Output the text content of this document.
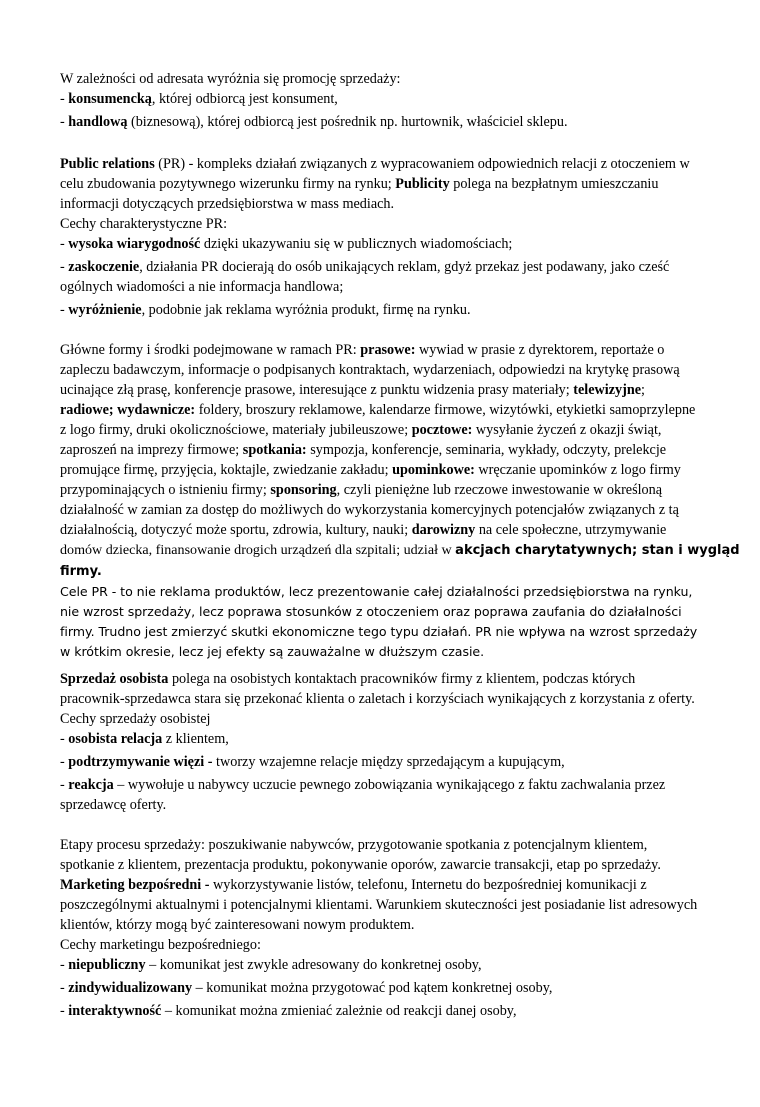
W zależności od adresata wyróżnia się promocję sprzedaży:

- konsumencką, której odbiorcą jest konsument,

- handlową (biznesową), której odbiorcą jest pośrednik np. hurtownik, właściciel sklepu.

Public relations (PR) - kompleks działań związanych z wypracowaniem odpowiednich relacji z otoczeniem w

celu zbudowania pozytywnego wizerunku firmy na rynku; Publicity polega na bezpłatnym umieszczaniu

informacji dotyczących przedsiębiorstwa w mass mediach.

Cechy charakterystyczne PR:

- wysoka wiarygodność dzięki ukazywaniu się w publicznych wiadomościach;

- zaskoczenie, działania PR docierają do osób unikających reklam, gdyż przekaz jest podawany, jako cześć

ogólnych wiadomości a nie informacja handlowa;

- wyróżnienie, podobnie jak reklama wyróżnia produkt, firmę na rynku.

Główne formy i środki podejmowane w ramach PR: prasowe: wywiad w prasie z dyrektorem, reportaże o

zapleczu badawczym, informacje o podpisanych kontraktach, wydarzeniach, odpowiedzi na krytykę prasową

ucinające złą prasę, konferencje prasowe, interesujące z punktu widzenia prasy materiały; telewizyjne;

radiowe; wydawnicze: foldery, broszury reklamowe, kalendarze firmowe, wizytówki, etykietki samoprzylepne

z logo firmy, druki okolicznościowe, materiały jubileuszowe; pocztowe: wysyłanie życzeń z okazji świąt,

zaproszeń na imprezy firmowe; spotkania: sympozja, konferencje, seminaria, wykłady, odczyty, prelekcje

promujące firmę, przyjęcia, koktajle, zwiedzanie zakładu; upominkowe: wręczanie upominków z logo firmy

przypominających o istnieniu firmy; sponsoring, czyli pieniężne lub rzeczowe inwestowanie w określoną

działalność w zamian za dostęp do możliwych do wykorzystania komercyjnych potencjałów związanych z tą

działalnością, dotyczyć może sportu, zdrowia, kultury, nauki; darowizny na cele społeczne, utrzymywanie

domów dziecka, finansowanie drogich urządzeń dla szpitali; udział w akcjach charytatywnych; stan i wygląd

firmy.

Cele PR - to nie reklama produktów, lecz prezentowanie całej działalności przedsiębiorstwa na rynku,

nie wzrost sprzedaży, lecz poprawa stosunków z otoczeniem oraz poprawa zaufania do działalności

firmy. Trudno jest zmierzyć skutki ekonomiczne tego typu działań. PR nie wpływa na wzrost sprzedaży

w krótkim okresie, lecz jej efekty są zauważalne w dłuższym czasie.

Sprzedaż osobista polega na osobistych kontaktach pracowników firmy z klientem, podczas których

pracownik-sprzedawca stara się przekonać klienta o zaletach i korzyściach wynikających z korzystania z oferty.

Cechy sprzedaży osobistej

- osobista relacja z klientem,

- podtrzymywanie więzi - tworzy wzajemne relacje między sprzedającym a kupującym,

- reakcja – wywołuje u nabywcy uczucie pewnego zobowiązania wynikającego z faktu zachwalania przez

sprzedawcę oferty.

Etapy procesu sprzedaży: poszukiwanie nabywców, przygotowanie spotkania z potencjalnym klientem,

spotkanie z klientem, prezentacja produktu, pokonywanie oporów, zawarcie transakcji, etap po sprzedaży.

Marketing bezpośredni - wykorzystywanie listów, telefonu, Internetu do bezpośredniej komunikacji z

poszczególnymi aktualnymi i potencjalnymi klientami. Warunkiem skuteczności jest posiadanie list adresowych

klientów, którzy mogą być zainteresowani nowym produktem.

Cechy marketingu bezpośredniego:

- niepubliczny – komunikat jest zwykle adresowany do konkretnej osoby,

- zindywidualizowany – komunikat można przygotować pod kątem konkretnej osoby,

- interaktywność – komunikat można zmieniać zależnie od reakcji danej osoby,
